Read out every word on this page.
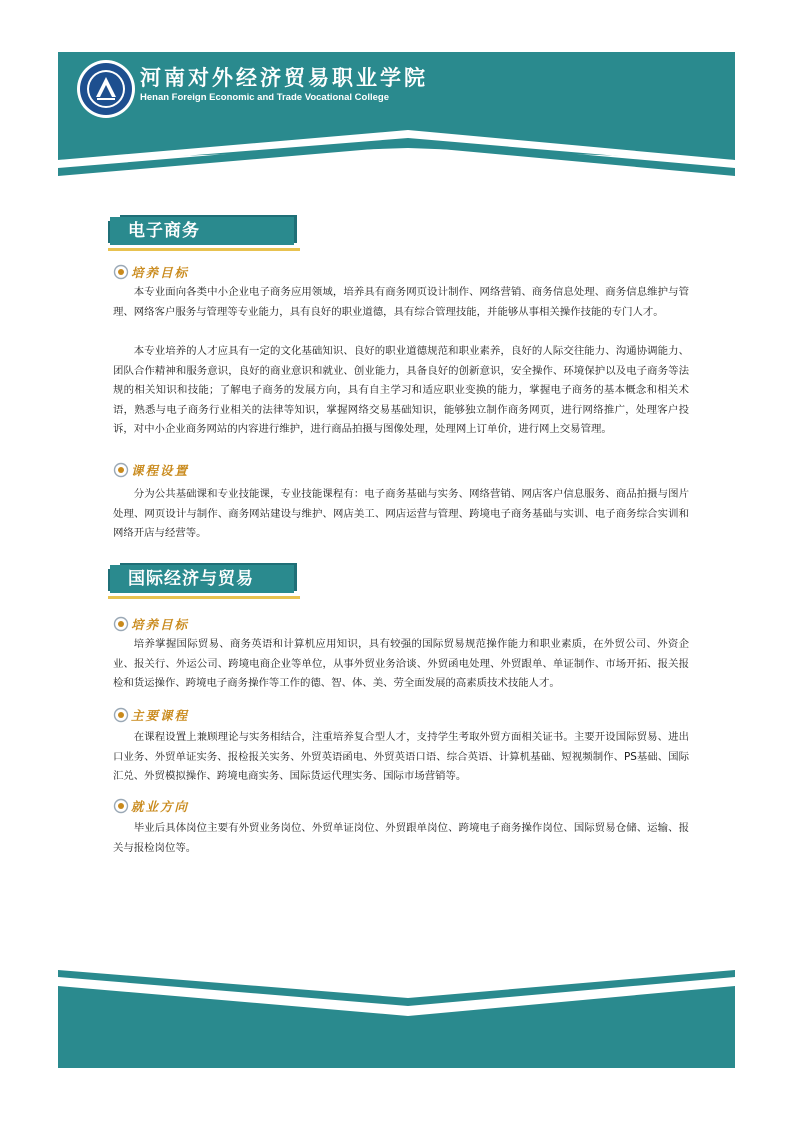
河南对外经济贸易职业学院
Henan Foreign Economic and Trade Vocational College
电子商务
培养目标

本专业面向各类中小企业电子商务应用领域，培养具有商务网页设计制作、网络营销、商务信息处理、商务信息维护与管理、网络客户服务与管理等专业能力，具有良好的职业道德，具有综合管理技能，并能够从事相关操作技能的专门人才。

本专业培养的人才应具有一定的文化基础知识、良好的职业道德规范和职业素养，良好的人际交往能力、沟通协调能力、团队合作精神和服务意识，良好的商业意识和就业、创业能力，具备良好的创新意识，安全操作、环境保护以及电子商务等法规的相关知识和技能；了解电子商务的发展方向，具有自主学习和适应职业变换的能力，掌握电子商务的基本概念和相关术语，熟悉与电子商务行业相关的法律等知识，掌握网络交易基础知识，能够独立制作商务网页，进行网络推广，处理客户投诉，对中小企业商务网站的内容进行维护，进行商品拍摄与图像处理，处理网上订单价，进行网上交易管理。

课程设置

分为公共基础课和专业技能课，专业技能课程有：电子商务基础与实务、网络营销、网店客户信息服务、商品拍摄与图片处理、网页设计与制作、商务网站建设与维护、网店美工、网店运营与管理、跨境电子商务基础与实训、电子商务综合实训和网络开店与经营等。

国际经济与贸易
培养目标

培养掌握国际贸易、商务英语和计算机应用知识，具有较强的国际贸易规范操作能力和职业素质，在外贸公司、外资企业、报关行、外运公司、跨境电商企业等单位，从事外贸业务洽谈、外贸函电处理、外贸跟单、单证制作、市场开拓、报关报检和货运操作、跨境电子商务操作等工作的德、智、体、美、劳全面发展的高素质技术技能人才。

主要课程

在课程设置上兼顾理论与实务相结合，注重培养复合型人才，支持学生考取外贸方面相关证书。主要开设国际贸易、进出口业务、外贸单证实务、报检报关实务、外贸英语函电、外贸英语口语、综合英语、计算机基础、短视频制作、PS基础、国际汇兑、外贸模拟操作、跨境电商实务、国际货运代理实务、国际市场营销等。

就业方向

毕业后具体岗位主要有外贸业务岗位、外贸单证岗位、外贸跟单岗位、跨境电子商务操作岗位、国际贸易仓储、运输、报关与报检岗位等。
